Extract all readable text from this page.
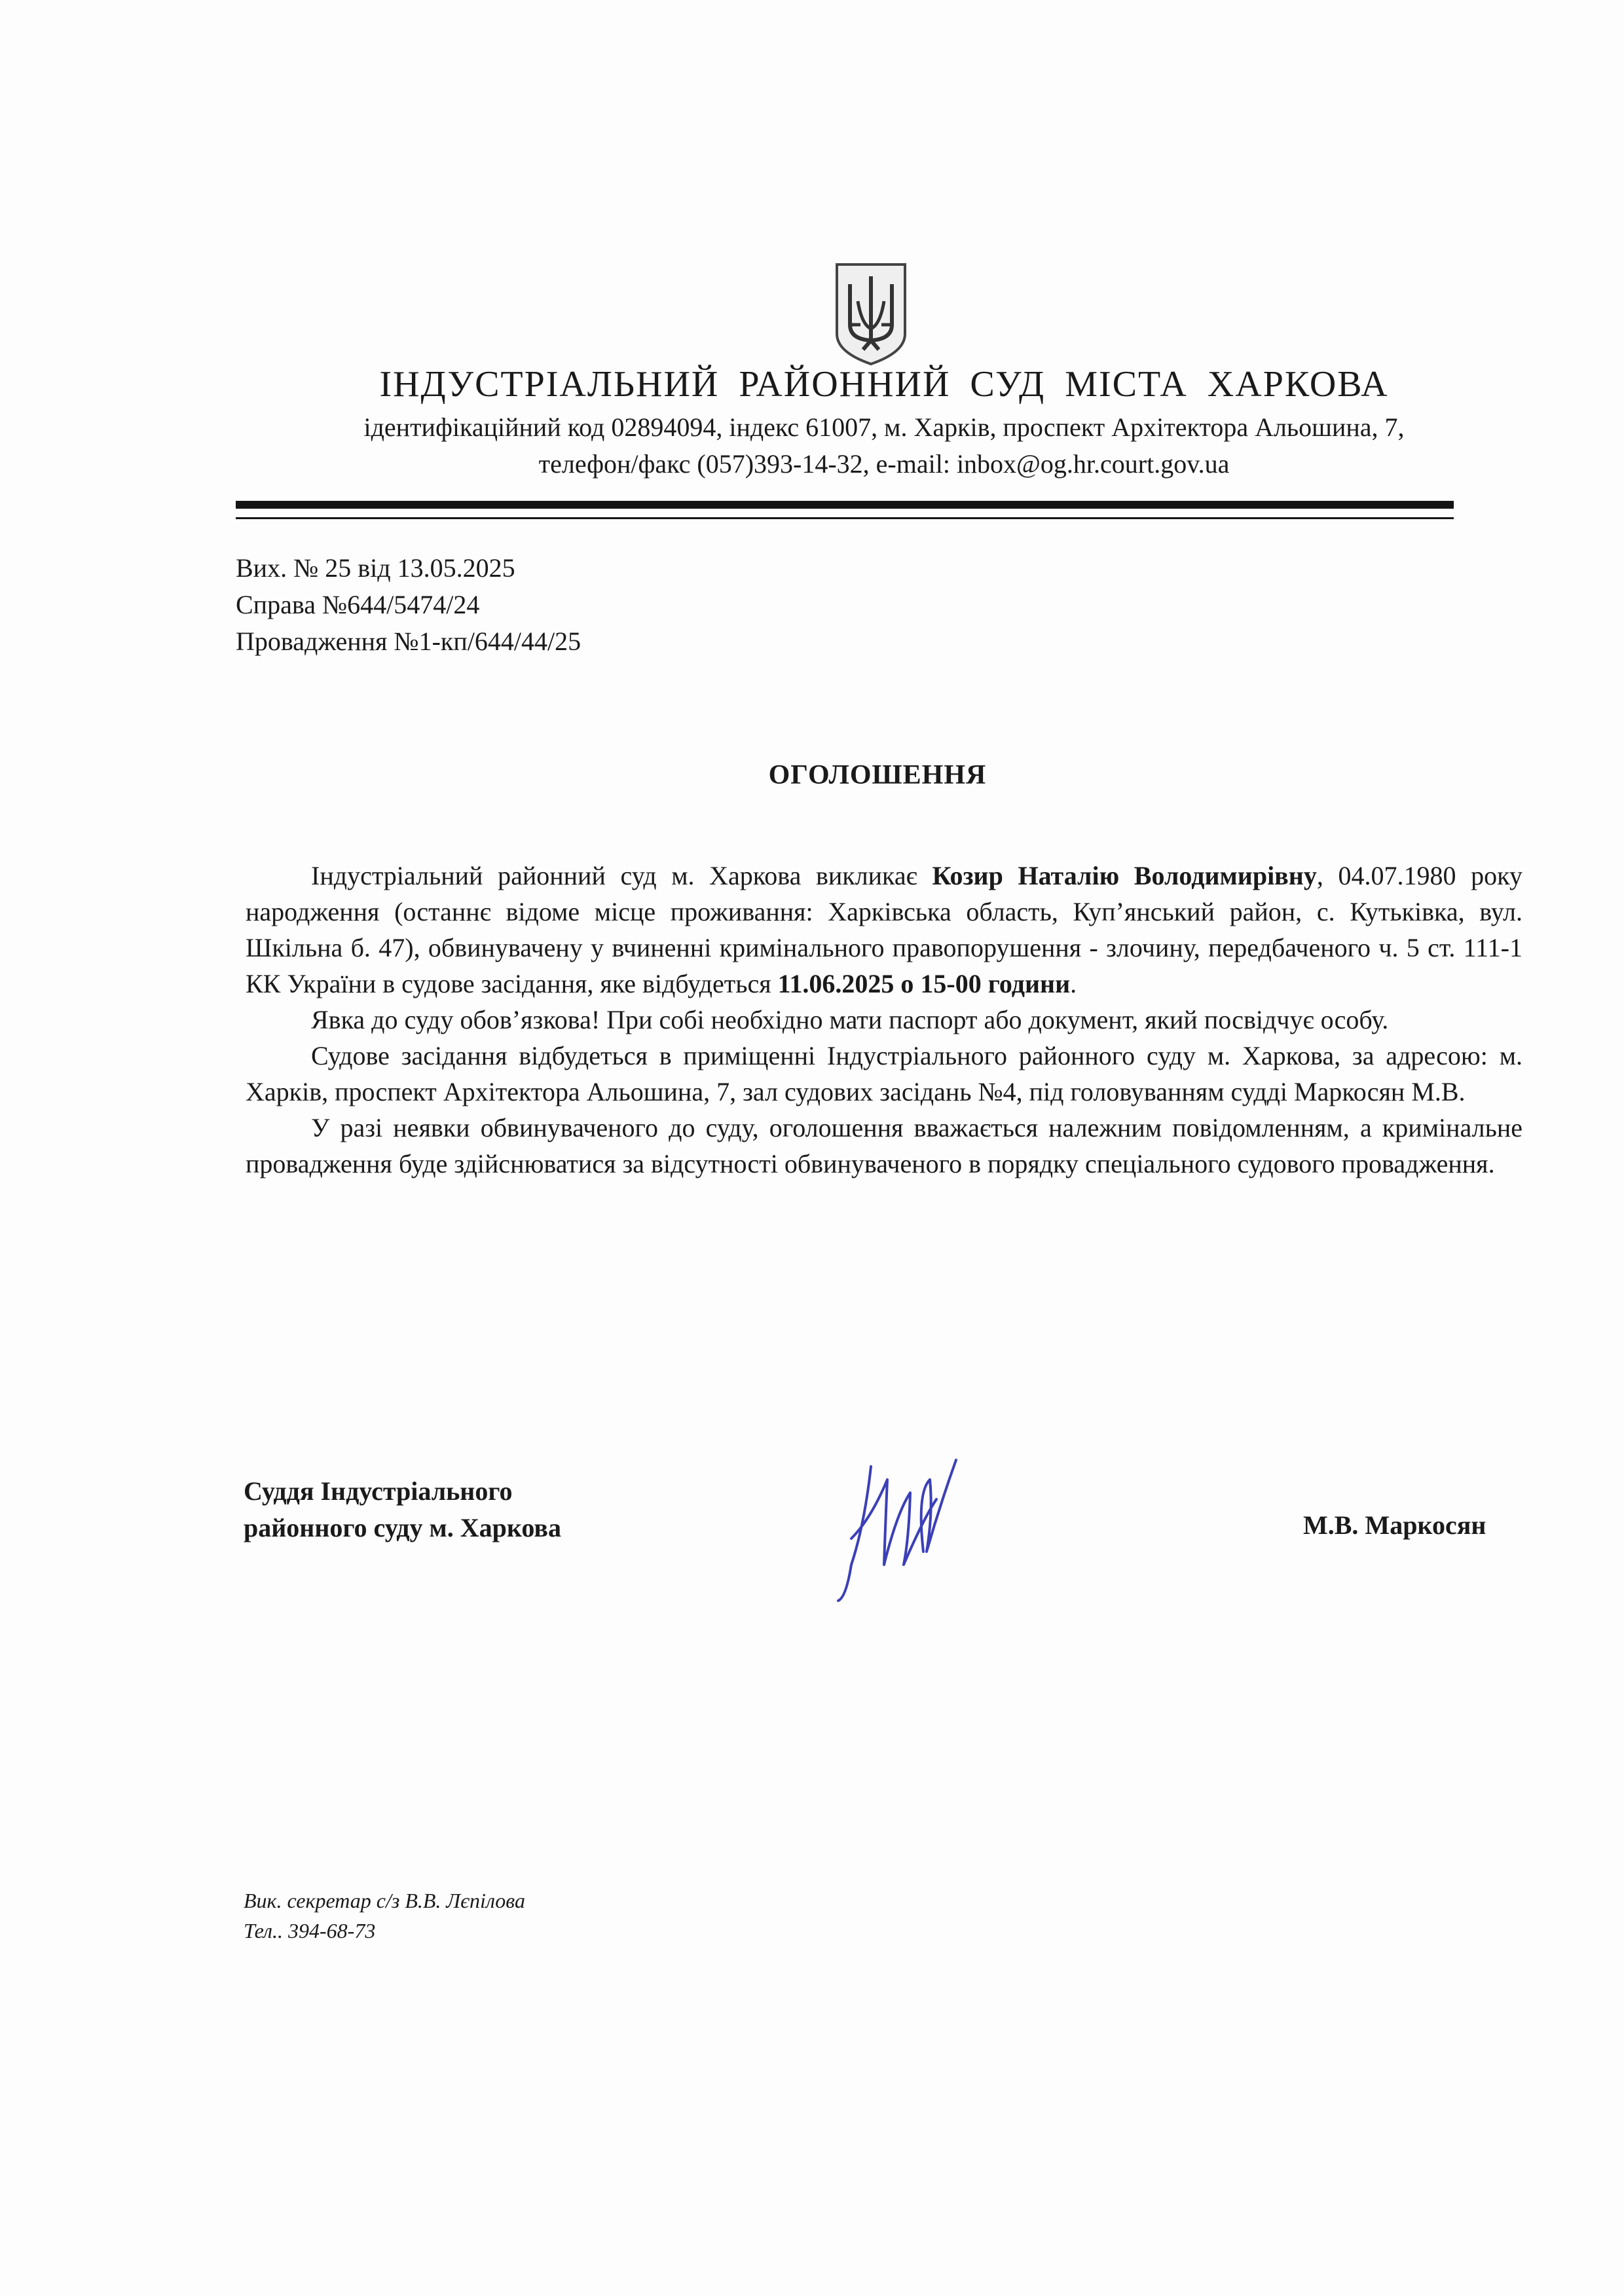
ІНДУСТРІАЛЬНИЙ РАЙОННИЙ СУД МІСТА ХАРКОВА
ідентифікаційний код 02894094, індекс 61007, м. Харків, проспект Архітектора Альошина, 7,
телефон/факс (057)393-14-32, e-mail: inbox@og.hr.court.gov.ua
Вих. № 25 від 13.05.2025
Справа №644/5474/24
Провадження №1-кп/644/44/25
ОГОЛОШЕННЯ

Індустріальний районний суд м. Харкова викликає Козир Наталію Володимирівну, 04.07.1980 року народження (останнє відоме місце проживання: Харківська область, Куп’янський район, с. Кутьківка, вул. Шкільна б. 47), обвинувачену у вчиненні кримінального правопорушення - злочину, передбаченого ч. 5 ст. 111-1 КК України в судове засідання, яке відбудеться 11.06.2025 о 15-00 години.

Явка до суду обов’язкова! При собі необхідно мати паспорт або документ, який посвідчує особу.

Судове засідання відбудеться в приміщенні Індустріального районного суду м. Харкова, за адресою: м. Харків, проспект Архітектора Альошина, 7, зал судових засідань №4, під головуванням судді Маркосян М.В.

У разі неявки обвинуваченого до суду, оголошення вважається належним повідомленням, а кримінальне провадження буде здійснюватися за відсутності обвинуваченого в порядку спеціального судового провадження.

Суддя Індустріального
районного суду м. Харкова	М.В. Маркосян
Вик. секретар с/з В.В. Лєпілова
Тел.. 394-68-73
